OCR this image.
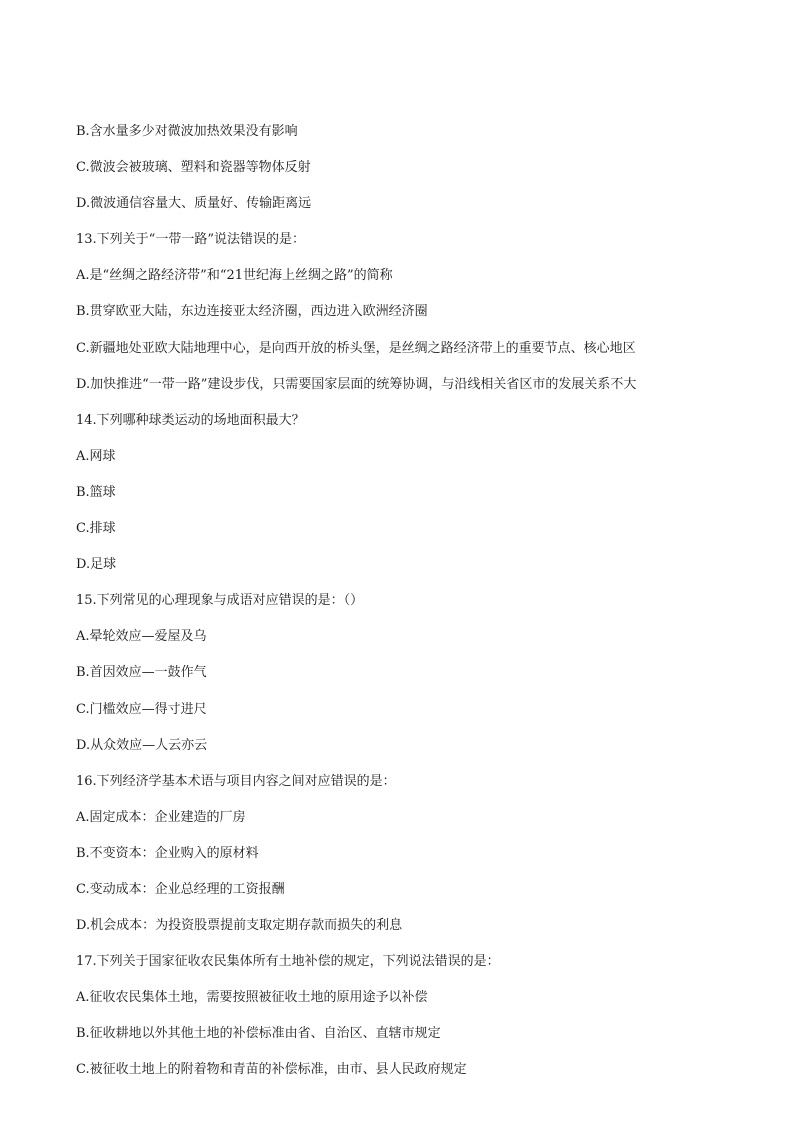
B.含水量多少对微波加热效果没有影响
C.微波会被玻璃、塑料和瓷器等物体反射
D.微波通信容量大、质量好、传输距离远
13.下列关于“一带一路”说法错误的是：
A.是“丝绸之路经济带”和“21世纪海上丝绸之路”的简称
B.贯穿欧亚大陆，东边连接亚太经济圈，西边进入欧洲经济圈
C.新疆地处亚欧大陆地理中心，是向西开放的桥头堡，是丝绸之路经济带上的重要节点、核心地区
D.加快推进“一带一路”建设步伐，只需要国家层面的统筹协调，与沿线相关省区市的发展关系不大
14.下列哪种球类运动的场地面积最大？
A.网球
B.篮球
C.排球
D.足球
15.下列常见的心理现象与成语对应错误的是：（）
A.晕轮效应—爱屋及乌
B.首因效应—一鼓作气
C.门槛效应—得寸进尺
D.从众效应—人云亦云
16.下列经济学基本术语与项目内容之间对应错误的是：
A.固定成本：企业建造的厂房
B.不变资本：企业购入的原材料
C.变动成本：企业总经理的工资报酬
D.机会成本：为投资股票提前支取定期存款而损失的利息
17.下列关于国家征收农民集体所有土地补偿的规定，下列说法错误的是：
A.征收农民集体土地，需要按照被征收土地的原用途予以补偿
B.征收耕地以外其他土地的补偿标准由省、自治区、直辖市规定
C.被征收土地上的附着物和青苗的补偿标准，由市、县人民政府规定
